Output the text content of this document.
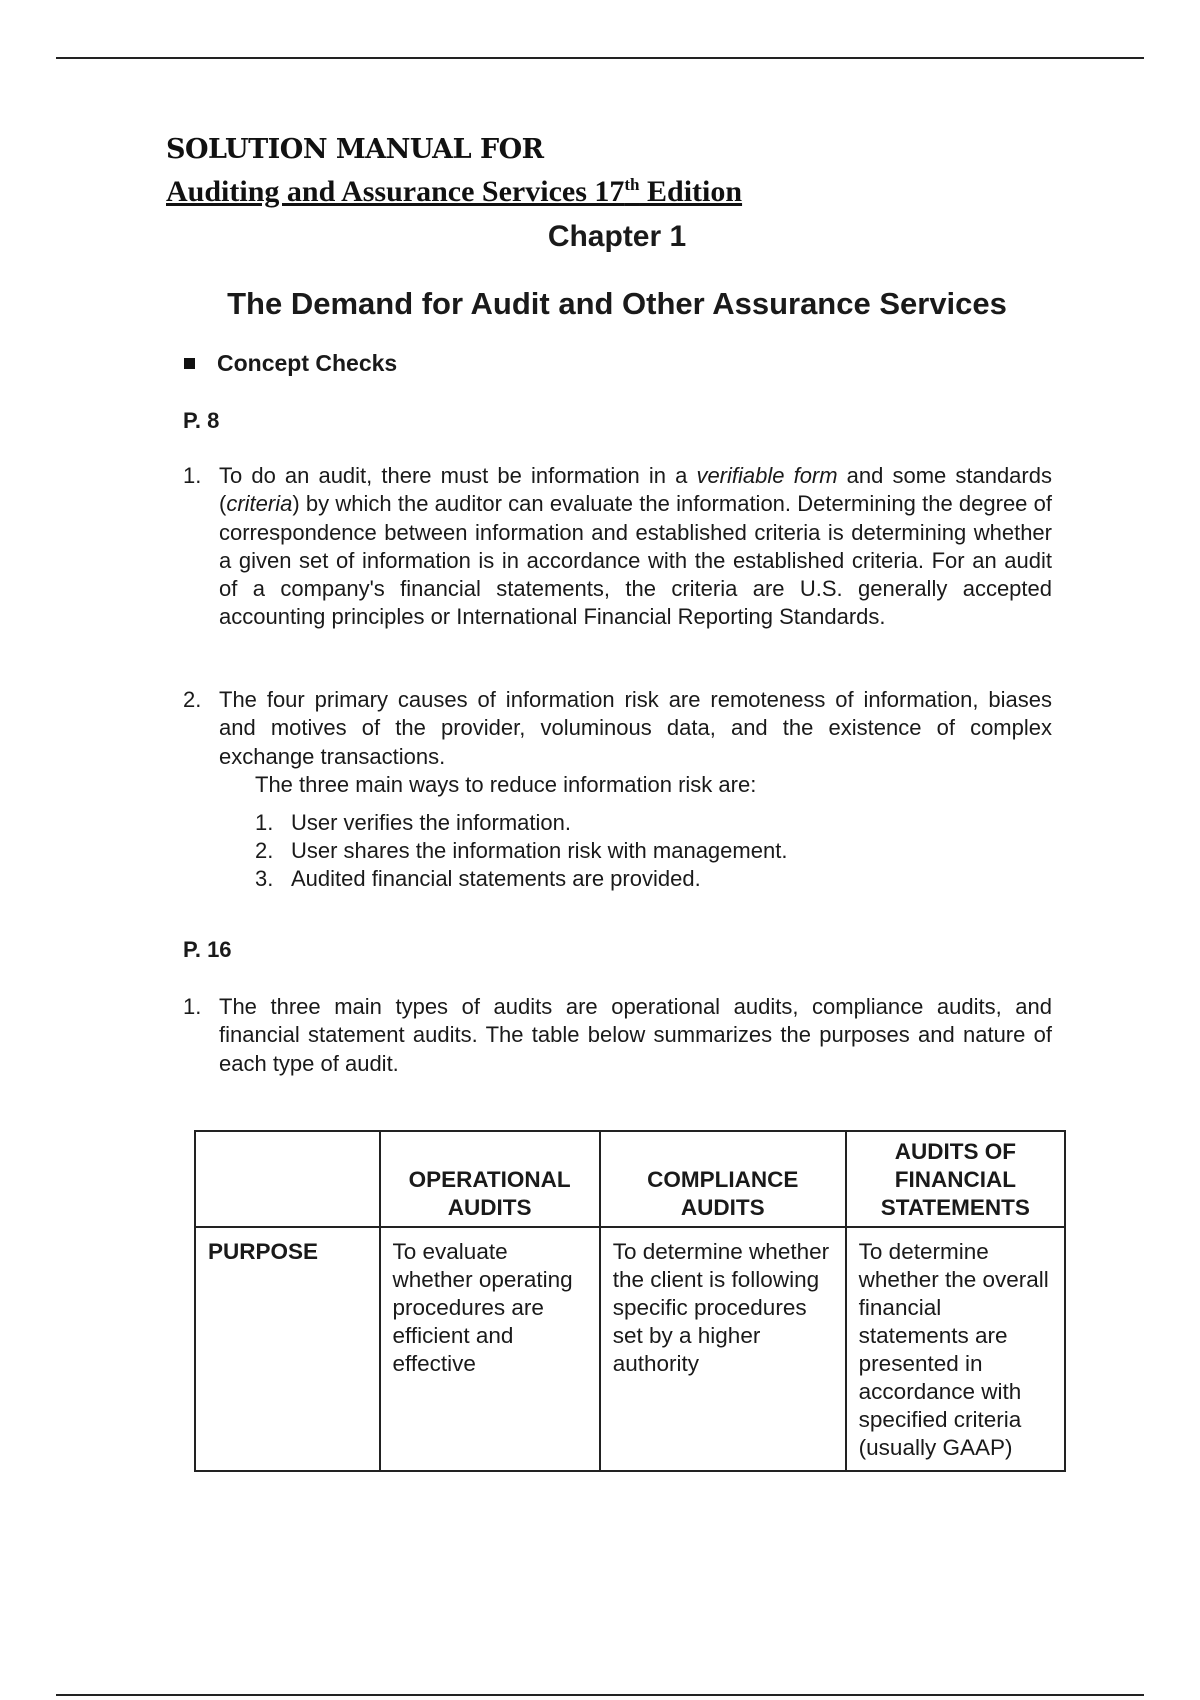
SOLUTION MANUAL FOR
Auditing and Assurance Services 17th Edition
Chapter 1
The Demand for Audit and Other Assurance Services
Concept Checks
P. 8
1. To do an audit, there must be information in a verifiable form and some standards (criteria) by which the auditor can evaluate the information. Determining the degree of correspondence between information and established criteria is determining whether a given set of information is in accordance with the established criteria. For an audit of a company's financial statements, the criteria are U.S. generally accepted accounting principles or International Financial Reporting Standards.
2. The four primary causes of information risk are remoteness of information, biases and motives of the provider, voluminous data, and the existence of complex exchange transactions.
The three main ways to reduce information risk are:
1. User verifies the information.
2. User shares the information risk with management.
3. Audited financial statements are provided.
P. 16
1. The three main types of audits are operational audits, compliance audits, and financial statement audits. The table below summarizes the purposes and nature of each type of audit.
	OPERATIONAL AUDITS	COMPLIANCE AUDITS	AUDITS OF FINANCIAL STATEMENTS
PURPOSE	To evaluate whether operating procedures are efficient and effective	To determine whether the client is following specific procedures set by a higher authority	To determine whether the overall financial statements are presented in accordance with specified criteria (usually GAAP)
